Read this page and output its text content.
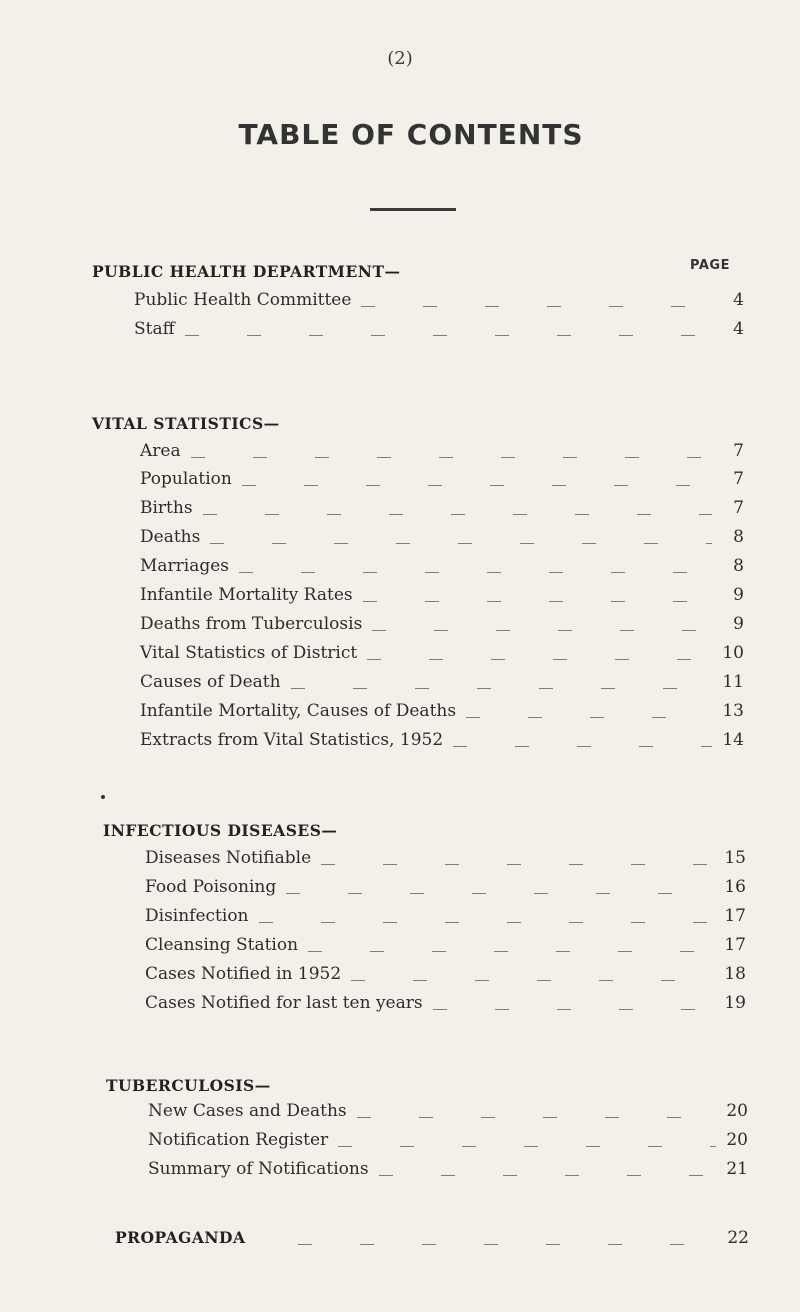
(2)
TABLE OF CONTENTS
PAGE
PUBLIC HEALTH DEPARTMENT—
Public Health Committee	4
Staff	4
VITAL STATISTICS—
Area	7
Population	7
Births	7
Deaths	8
Marriages	8
Infantile Mortality Rates	9
Deaths from Tuberculosis	9
Vital Statistics of District	10
Causes of Death	11
Infantile Mortality, Causes of Deaths	13
Extracts from Vital Statistics, 1952	14
INFECTIOUS DISEASES—
Diseases Notifiable	15
Food Poisoning	16
Disinfection	17
Cleansing Station	17
Cases Notified in 1952	18
Cases Notified for last ten years	19
TUBERCULOSIS—
New Cases and Deaths	20
Notification Register	20
Summary of Notifications	21
PROPAGANDA	22
